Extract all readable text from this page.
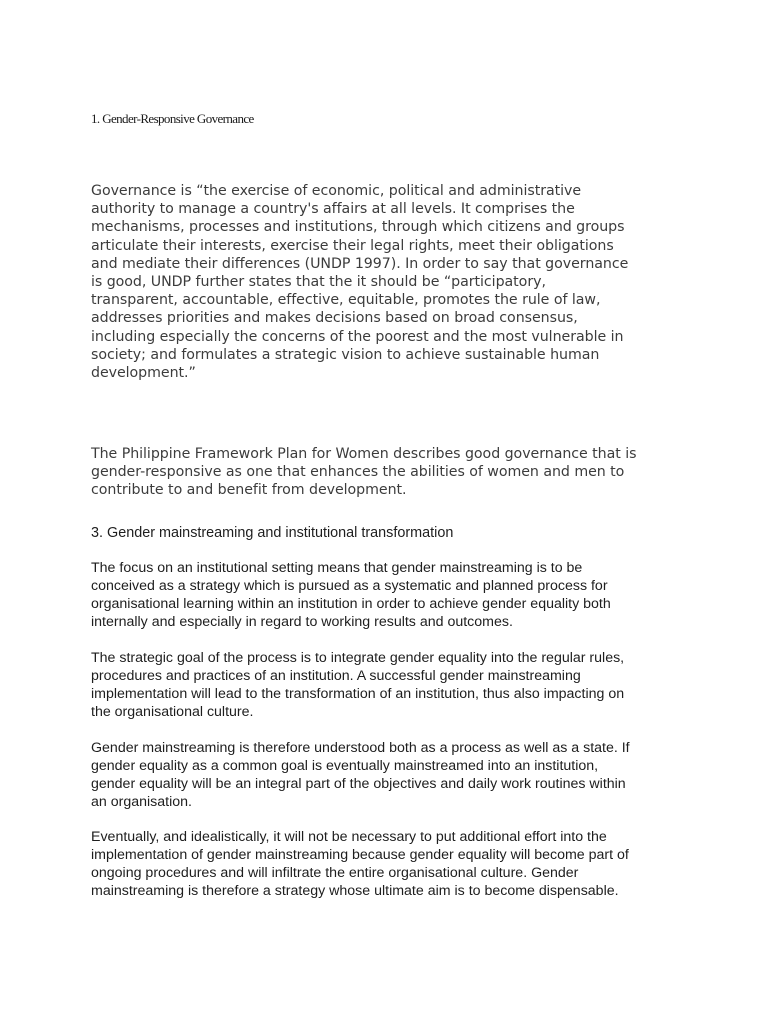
1. Gender-Responsive Governance

Governance is “the exercise of economic, political and administrative
authority to manage a country's affairs at all levels. It comprises the
mechanisms, processes and institutions, through which citizens and groups
articulate their interests, exercise their legal rights, meet their obligations
and mediate their differences (UNDP 1997). In order to say that governance
is good, UNDP further states that the it should be “participatory,
transparent, accountable, effective, equitable, promotes the rule of law,
addresses priorities and makes decisions based on broad consensus,
including especially the concerns of the poorest and the most vulnerable in
society; and formulates a strategic vision to achieve sustainable human
development.”

The Philippine Framework Plan for Women describes good governance that is
gender-responsive as one that enhances the abilities of women and men to
contribute to and benefit from development.

3. Gender mainstreaming and institutional transformation

The focus on an institutional setting means that gender mainstreaming is to be
conceived as a strategy which is pursued as a systematic and planned process for
organisational learning within an institution in order to achieve gender equality both
internally and especially in regard to working results and outcomes.

The strategic goal of the process is to integrate gender equality into the regular rules,
procedures and practices of an institution. A successful gender mainstreaming
implementation will lead to the transformation of an institution, thus also impacting on
the organisational culture.

Gender mainstreaming is therefore understood both as a process as well as a state. If
gender equality as a common goal is eventually mainstreamed into an institution,
gender equality will be an integral part of the objectives and daily work routines within
an organisation.

Eventually, and idealistically, it will not be necessary to put additional effort into the
implementation of gender mainstreaming because gender equality will become part of
ongoing procedures and will infiltrate the entire organisational culture. Gender
mainstreaming is therefore a strategy whose ultimate aim is to become dispensable.
